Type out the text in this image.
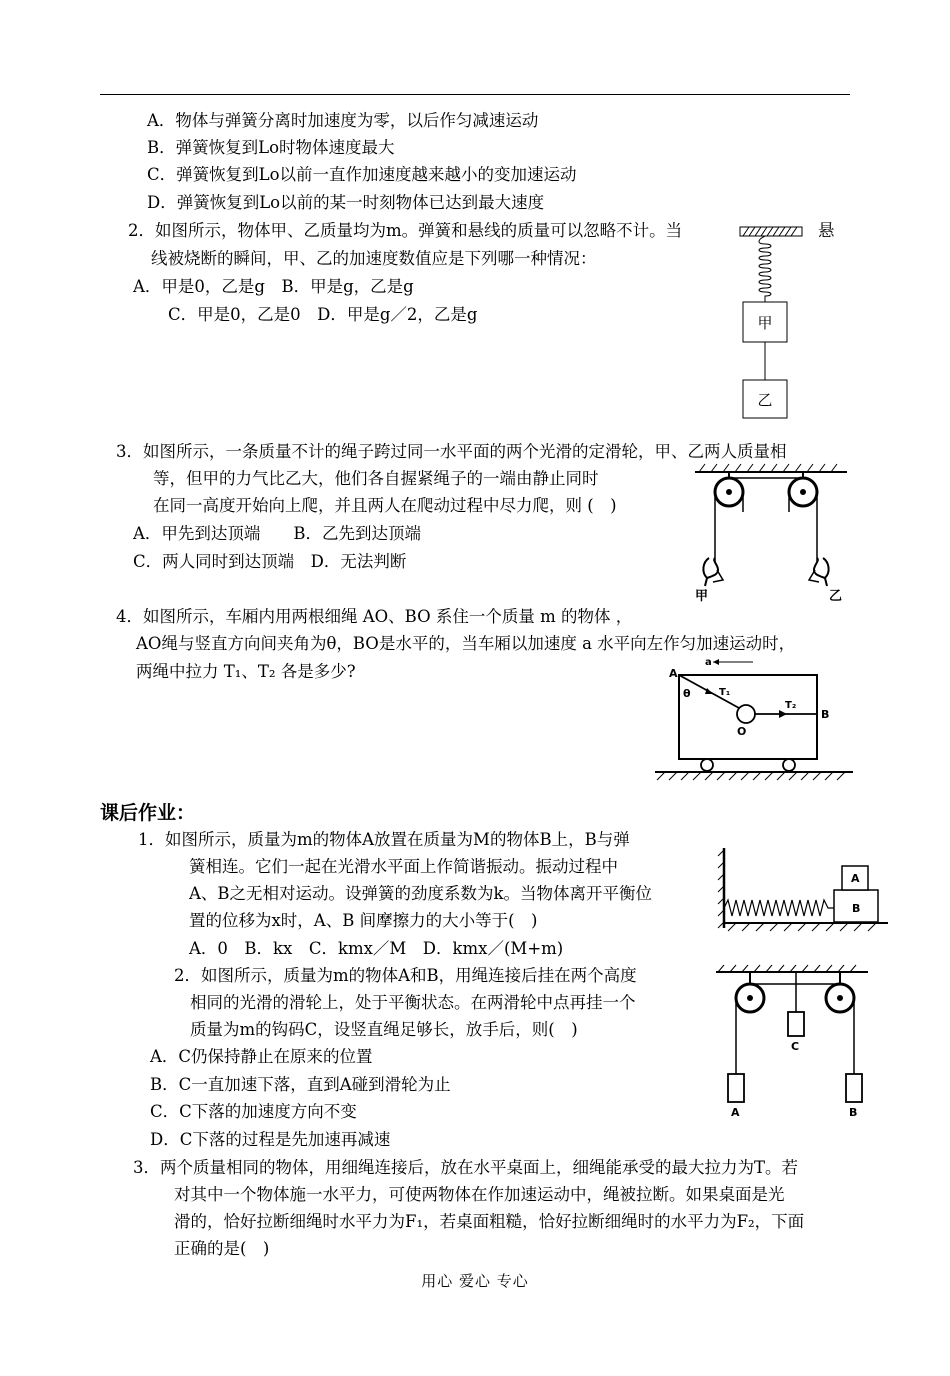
A．物体与弹簧分离时加速度为零，以后作匀减速运动
B．弹簧恢复到Lo时物体速度最大
C．弹簧恢复到Lo以前一直作加速度越来越小的变加速运动
D．弹簧恢复到Lo以前的某一时刻物体已达到最大速度
2．如图所示，物体甲、乙质量均为m。弹簧和悬线的质量可以忽略不计。当	悬
线被烧断的瞬间，甲、乙的加速度数值应是下列哪一种情况：
A．甲是0，乙是g　B．甲是g，乙是g
C．甲是0，乙是0　D．甲是g／2，乙是g	甲
乙
3．如图所示，一条质量不计的绳子跨过同一水平面的两个光滑的定滑轮，甲、乙两人质量相
等，但甲的力气比乙大，他们各自握紧绳子的一端由静止同时
在同一高度开始向上爬，并且两人在爬动过程中尽力爬，则 (　)
A．甲先到达顶端　　B．乙先到达顶端
C．两人同时到达顶端　D．无法判断
甲	乙
4．如图所示，车厢内用两根细绳 AO、BO 系住一个质量 m 的物体 ，
AO绳与竖直方向间夹角为θ，BO是水平的，当车厢以加速度 a 水平向左作匀加速运动时，
两绳中拉力 T₁、T₂ 各是多少?	a
A
B
θ	T₁
O
T₂
课后作业：
1．如图所示，质量为m的物体A放置在质量为M的物体B上，B与弹
簧相连。它们一起在光滑水平面上作简谐振动。振动过程中
A、B之无相对运动。设弹簧的劲度系数为k。当物体离开平衡位
置的位移为x时，A、B 间摩擦力的大小等于(　)
A．0　B．kx　C．kmx／M　D．kmx／(M+m)
B
A
2．如图所示，质量为m的物体A和B，用绳连接后挂在两个高度
相同的光滑的滑轮上，处于平衡状态。在两滑轮中点再挂一个
质量为m的钩码C，设竖直绳足够长，放手后，则(　)
A．C仍保持静止在原来的位置
B．C一直加速下落，直到A碰到滑轮为止
C．C下落的加速度方向不变
D．C下落的过程是先加速再减速
C
A	B
3．两个质量相同的物体，用细绳连接后，放在水平桌面上，细绳能承受的最大拉力为T。若
对其中一个物体施一水平力，可使两物体在作加速运动中，绳被拉断。如果桌面是光
滑的，恰好拉断细绳时水平力为F₁，若桌面粗糙，恰好拉断细绳时的水平力为F₂，下面
正确的是(　)
用心 爱心 专心
